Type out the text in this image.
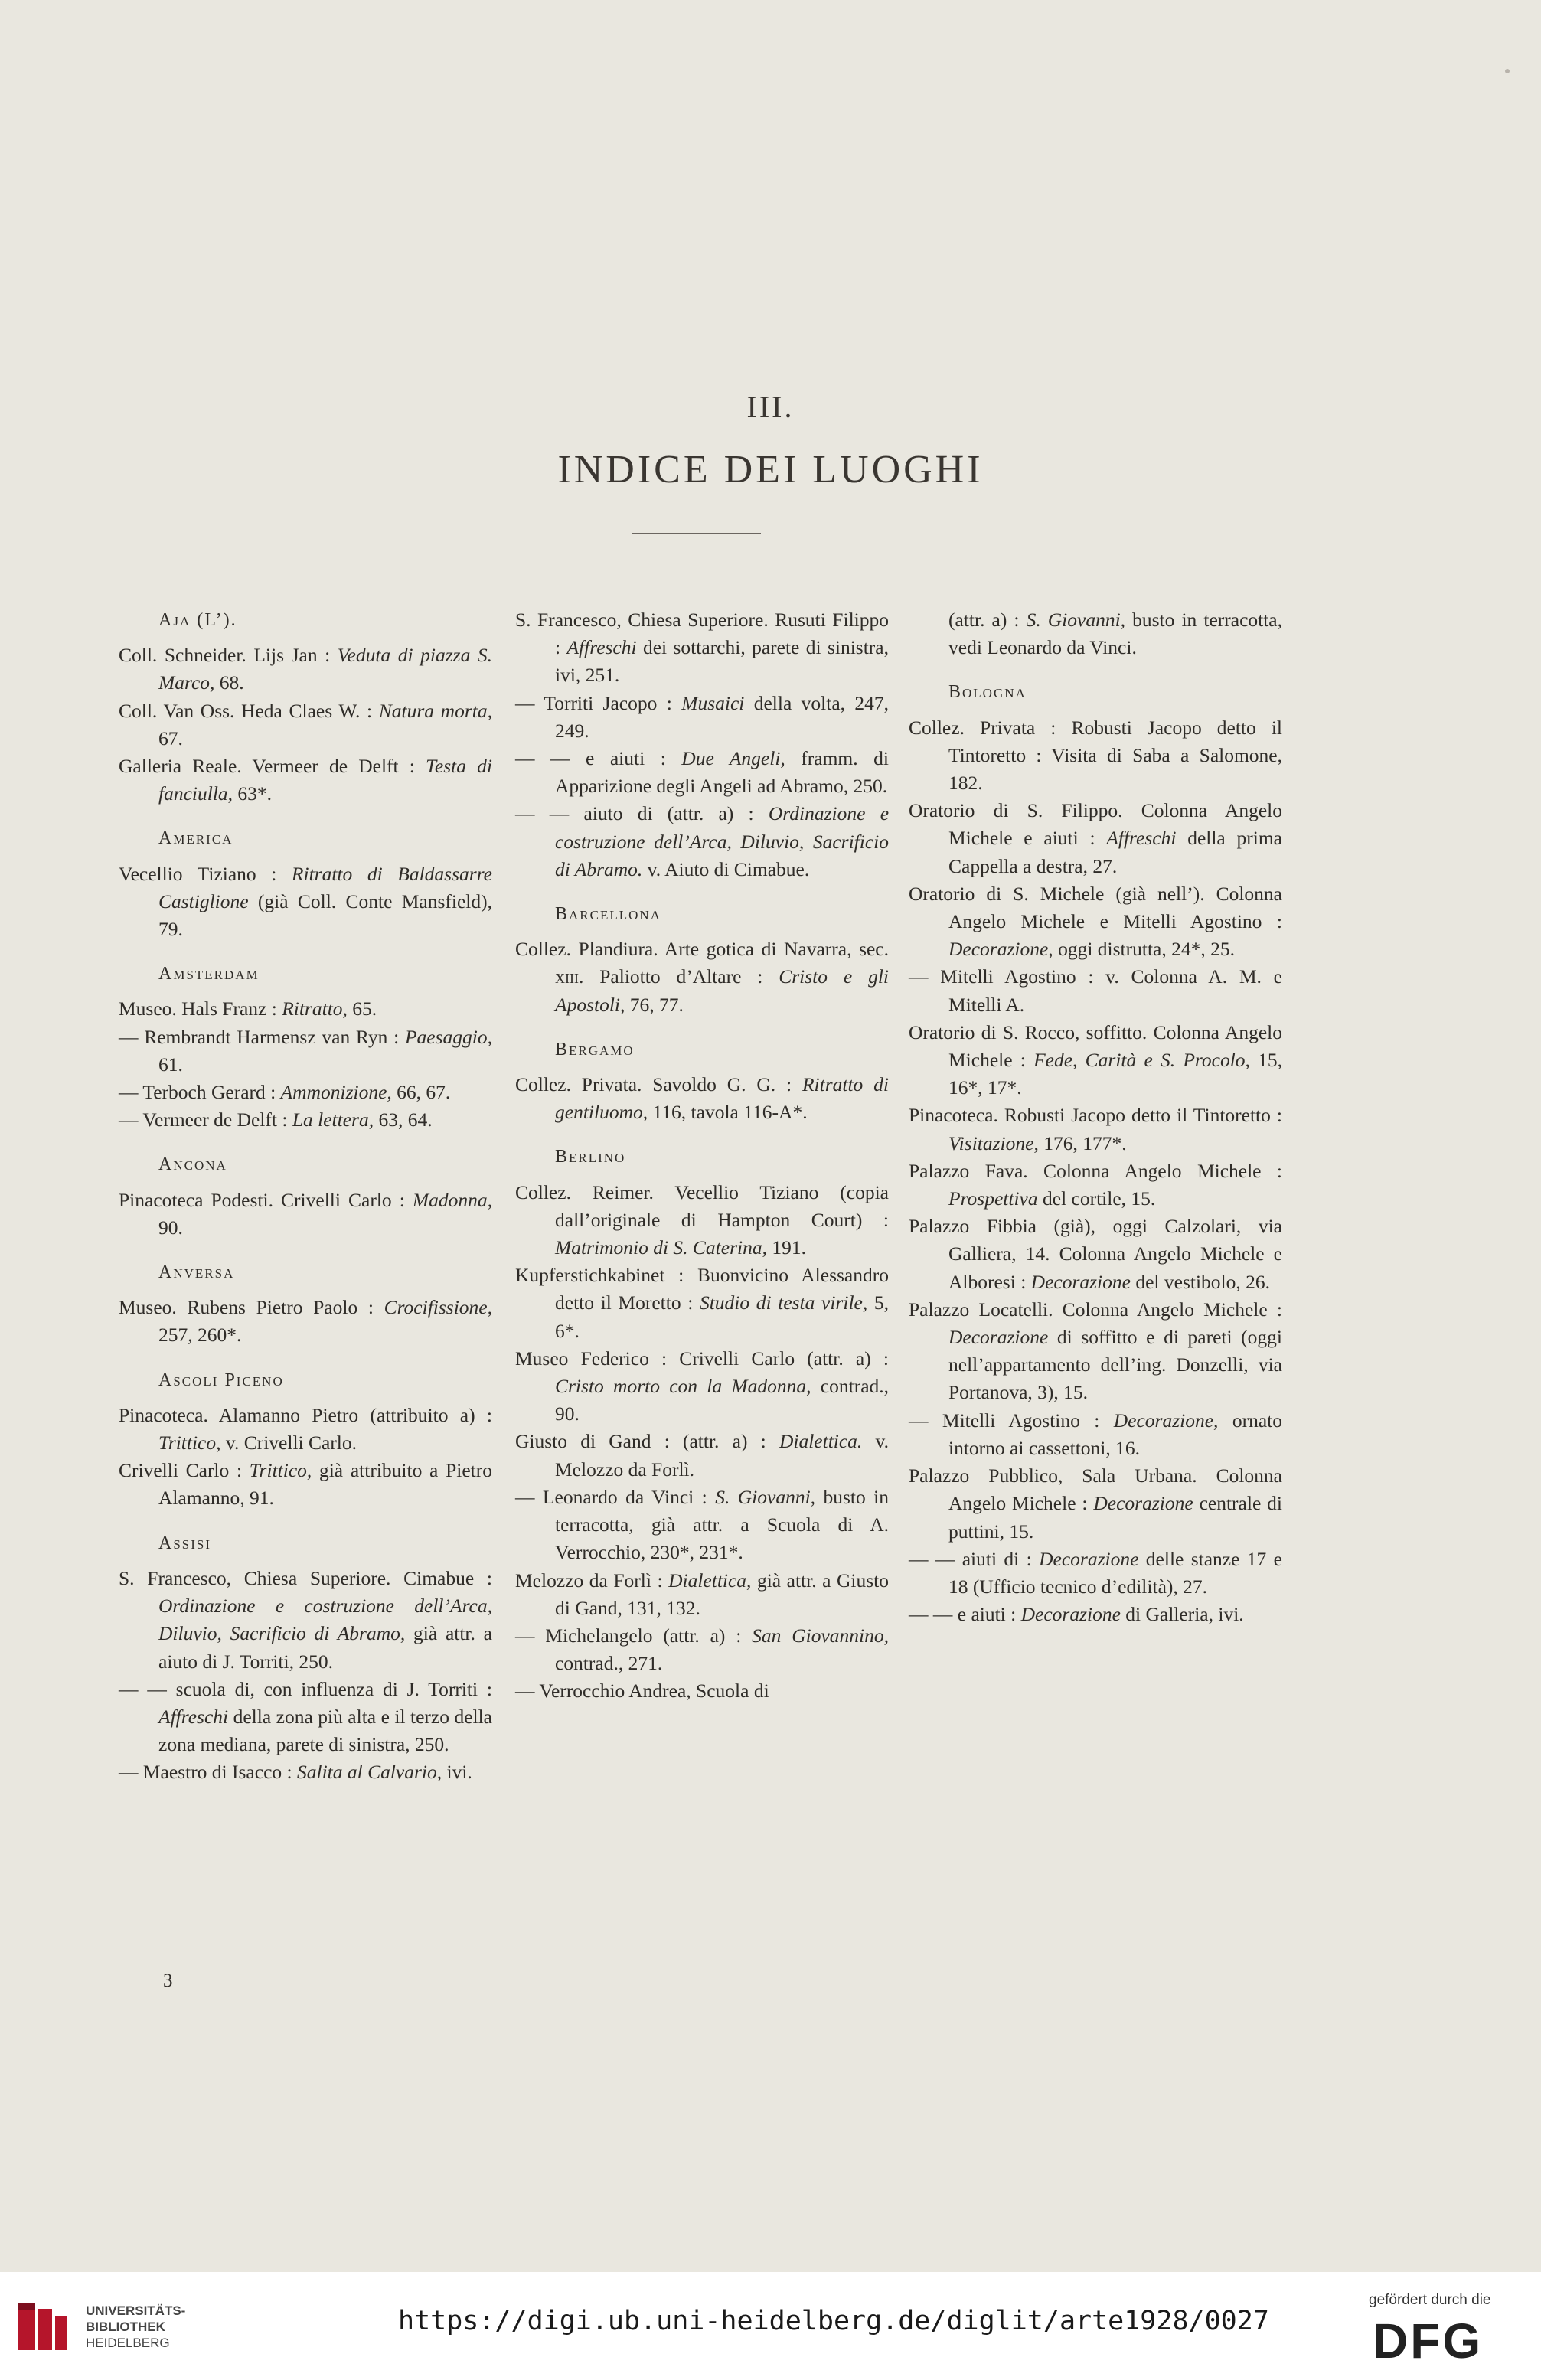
III.
INDICE DEI LUOGHI
Aja (L’).
Coll. Schneider. Lijs Jan : Veduta di piazza S. Marco, 68.
Coll. Van Oss. Heda Claes W. : Natura morta, 67.
Galleria Reale. Vermeer de Delft : Testa di fanciulla, 63*.
America
Vecellio Tiziano : Ritratto di Baldassarre Castiglione (già Coll. Conte Mansfield), 79.
Amsterdam
Museo. Hals Franz : Ritratto, 65.
— Rembrandt Harmensz van Ryn : Paesaggio, 61.
— Terboch Gerard : Ammonizione, 66, 67.
— Vermeer de Delft : La lettera, 63, 64.
Ancona
Pinacoteca Podesti. Crivelli Carlo : Madonna, 90.
Anversa
Museo. Rubens Pietro Paolo : Crocifissione, 257, 260*.
Ascoli Piceno
Pinacoteca. Alamanno Pietro (attribuito a) : Trittico, v. Crivelli Carlo.
Crivelli Carlo : Trittico, già attribuito a Pietro Alamanno, 91.
Assisi
S. Francesco, Chiesa Superiore. Cimabue : Ordinazione e costruzione dell’Arca, Diluvio, Sacrificio di Abramo, già attr. a aiuto di J. Torriti, 250.
— — scuola di, con influenza di J. Torriti : Affreschi della zona più alta e il terzo della zona mediana, parete di sinistra, 250.
— Maestro di Isacco : Salita al Calvario, ivi.
S. Francesco, Chiesa Superiore. Rusuti Filippo : Affreschi dei sottarchi, parete di sinistra, ivi, 251.
— Torriti Jacopo : Musaici della volta, 247, 249.
— — e aiuti : Due Angeli, framm. di Apparizione degli Angeli ad Abramo, 250.
— — aiuto di (attr. a) : Ordinazione e costruzione dell’Arca, Diluvio, Sacrificio di Abramo. v. Aiuto di Cimabue.
Barcellona
Collez. Plandiura. Arte gotica di Navarra, sec. xiii. Paliotto d’Altare : Cristo e gli Apostoli, 76, 77.
Bergamo
Collez. Privata. Savoldo G. G. : Ritratto di gentiluomo, 116, tavola 116-A*.
Berlino
Collez. Reimer. Vecellio Tiziano (copia dall’originale di Hampton Court) : Matrimonio di S. Caterina, 191.
Kupferstichkabinet : Buonvicino Alessandro detto il Moretto : Studio di testa virile, 5, 6*.
Museo Federico : Crivelli Carlo (attr. a) : Cristo morto con la Madonna, contrad., 90.
Giusto di Gand : (attr. a) : Dialettica. v. Melozzo da Forlì.
— Leonardo da Vinci : S. Giovanni, busto in terracotta, già attr. a Scuola di A. Verrocchio, 230*, 231*.
Melozzo da Forlì : Dialettica, già attr. a Giusto di Gand, 131, 132.
— Michelangelo (attr. a) : San Giovannino, contrad., 271.
— Verrocchio Andrea, Scuola di
(attr. a) : S. Giovanni, busto in terracotta, vedi Leonardo da Vinci.
Bologna
Collez. Privata : Robusti Jacopo detto il Tintoretto : Visita di Saba a Salomone, 182.
Oratorio di S. Filippo. Colonna Angelo Michele e aiuti : Affreschi della prima Cappella a destra, 27.
Oratorio di S. Michele (già nell’). Colonna Angelo Michele e Mitelli Agostino : Decorazione, oggi distrutta, 24*, 25.
— Mitelli Agostino : v. Colonna A. M. e Mitelli A.
Oratorio di S. Rocco, soffitto. Colonna Angelo Michele : Fede, Carità e S. Procolo, 15, 16*, 17*.
Pinacoteca. Robusti Jacopo detto il Tintoretto : Visitazione, 176, 177*.
Palazzo Fava. Colonna Angelo Michele : Prospettiva del cortile, 15.
Palazzo Fibbia (già), oggi Calzolari, via Galliera, 14. Colonna Angelo Michele e Alboresi : Decorazione del vestibolo, 26.
Palazzo Locatelli. Colonna Angelo Michele : Decorazione di soffitto e di pareti (oggi nell’appartamento dell’ing. Donzelli, via Portanova, 3), 15.
— Mitelli Agostino : Decorazione, ornato intorno ai cassettoni, 16.
Palazzo Pubblico, Sala Urbana. Colonna Angelo Michele : Decorazione centrale di puttini, 15.
— — aiuti di : Decorazione delle stanze 17 e 18 (Ufficio tecnico d’edilità), 27.
— — e aiuti : Decorazione di Galleria, ivi.
3
UNIVERSITÄTS-
BIBLIOTHEK
HEIDELBERG
https://digi.ub.uni-heidelberg.de/diglit/arte1928/0027
gefördert durch die
DFG
